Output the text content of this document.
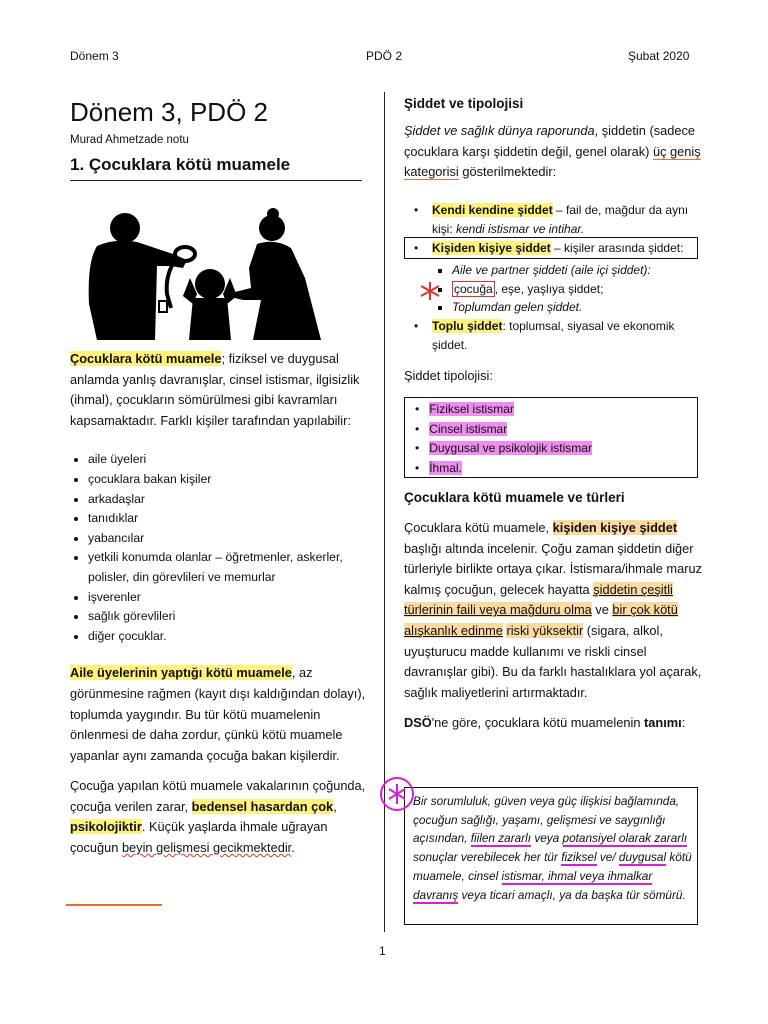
Dönem 3	PDÖ 2	Şubat 2020
Dönem 3, PDÖ 2
Murad Ahmetzade notu
1. Çocuklara kötü muamele

Çocuklara kötü muamele; fiziksel ve duygusal anlamda yanlış davranışlar, cinsel istismar, ilgisizlik (ihmal), çocukların sömürülmesi gibi kavramları kapsamaktadır. Farklı kişiler tarafından yapılabilir:

• aile üyeleri
• çocuklara bakan kişiler
• arkadaşlar
• tanıdıklar
• yabancılar
• yetkili konumda olanlar – öğretmenler, askerler, polisler, din görevlileri ve memurlar
• işverenler
• sağlık görevlileri
• diğer çocuklar.

Aile üyelerinin yaptığı kötü muamele, az görünmesine rağmen (kayıt dışı kaldığından dolayı), toplumda yaygındır. Bu tür kötü muamelenin önlenmesi de daha zordur, çünkü kötü muamele yapanlar aynı zamanda çocuğa bakan kişilerdir.

Çocuğa yapılan kötü muamele vakalarının çoğunda, çocuğa verilen zarar, bedensel hasardan çok, psikolojiktir. Küçük yaşlarda ihmale uğrayan çocuğun beyin gelişmesi gecikmektedir.

Şiddet ve tipolojisi

Şiddet ve sağlık dünya raporunda, şiddetin (sadece çocuklara karşı şiddetin değil, genel olarak) üç geniş kategorisi gösterilmektedir:

• Kendi kendine şiddet – fail de, mağdur da aynı kişi: kendi istismar ve intihar.
• Kişiden kişiye şiddet – kişiler arasında şiddet:
▪ Aile ve partner şiddeti (aile içi şiddet):
▪ çocuğa , eşe, yaşlıya şiddet;
▪ Toplumdan gelen şiddet.
• Toplu şiddet: toplumsal, siyasal ve ekonomik şiddet.
Şiddet tipolojisi:
• Fiziksel istismar
• Cinsel istismar
• Duygusal ve psikolojik istismar
• İhmal.
Çocuklara kötü muamele ve türleri

Çocuklara kötü muamele, kişiden kişiye şiddet başlığı altında incelenir. Çoğu zaman şiddetin diğer türleriyle birlikte ortaya çıkar. İstismara/ihmale maruz kalmış çocuğun, gelecek hayatta şiddetin çeşitli türlerinin faili veya mağduru olma ve bir çok kötü alışkanlık edinme riski yüksektir (sigara, alkol, uyuşturucu madde kullanımı ve riskli cinsel davranışlar gibi). Bu da farklı hastalıklara yol açarak, sağlık maliyetlerini artırmaktadır.

DSÖ'ne göre, çocuklara kötü muamelenin tanımı:

Bir sorumluluk, güven veya güç ilişkisi bağlamında, çocuğun sağlığı, yaşamı, gelişmesi ve saygınlığı açısından, fiilen zararlı veya potansiyel olarak zararlı sonuçlar verebilecek her tür fiziksel ve/ duygusal kötü muamele, cinsel istismar, ihmal veya ihmalkar davranış veya ticari amaçlı, ya da başka tür sömürü.
1
